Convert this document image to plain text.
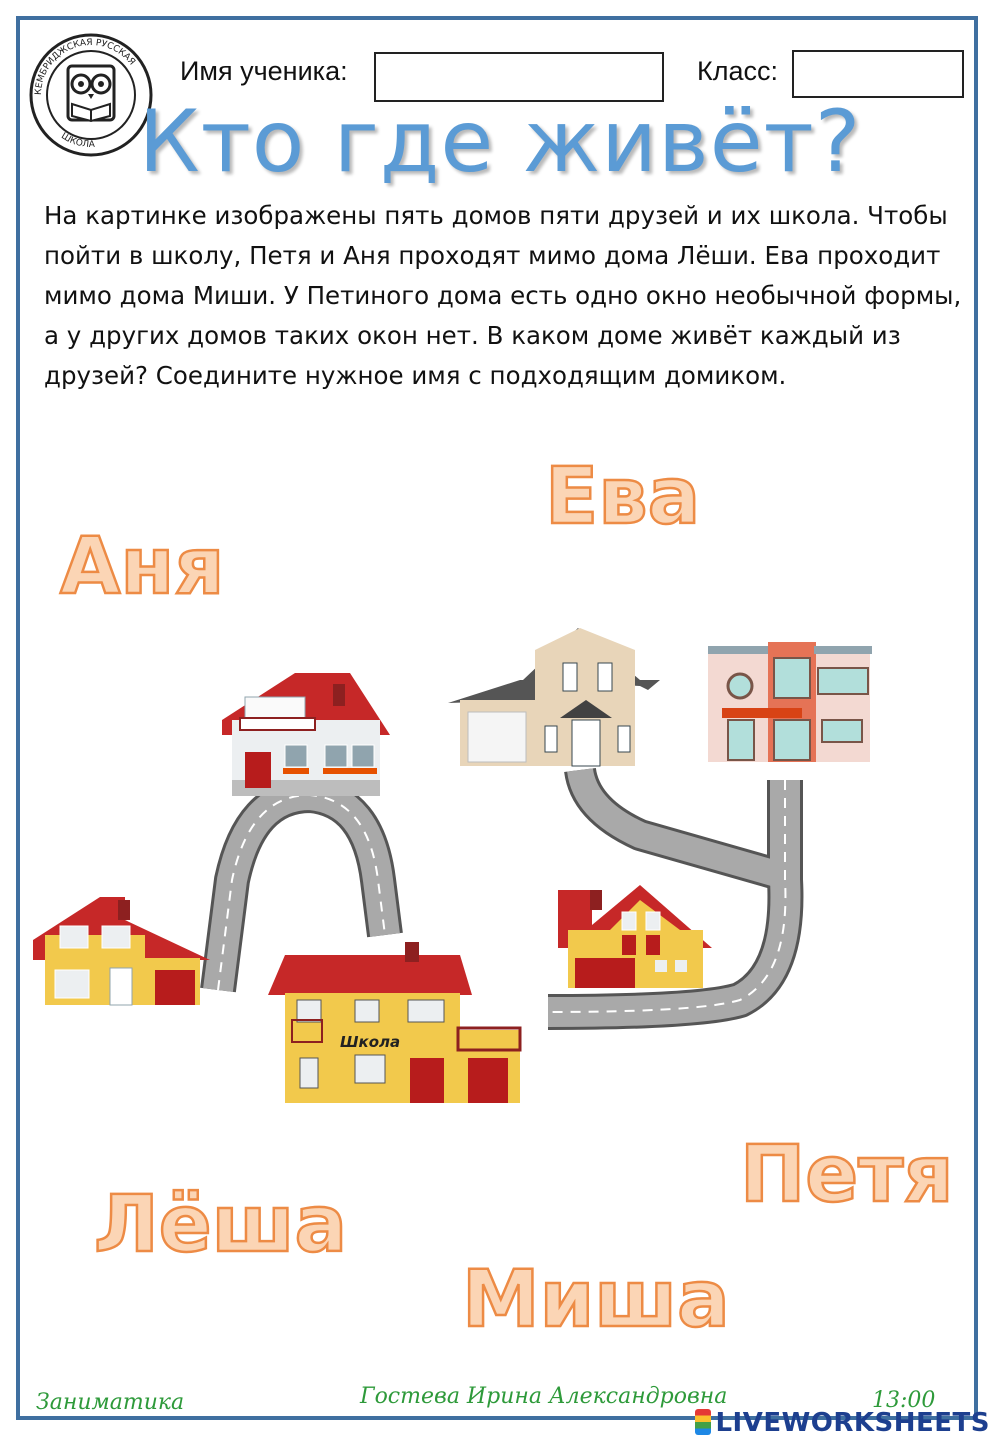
КЕМБРИДЖСКАЯ РУССКАЯ
ШКОЛА
Имя ученика:	Класс:
Кто где живёт?

На картинке изображены пять домов пяти друзей и их школа. Чтобы пойти в школу, Петя и Аня проходят мимо дома Лёши. Ева проходит мимо дома Миши. У Петиного дома есть одно окно необычной формы, а у других домов таких окон нет. В каком доме живёт каждый из друзей? Соедините нужное имя с подходящим домиком.

Школа
Ева
Аня
Петя
Лёша
Миша
Заниматика	Гостева Ирина Александровна	13:00
LIVEWORKSHEETS
